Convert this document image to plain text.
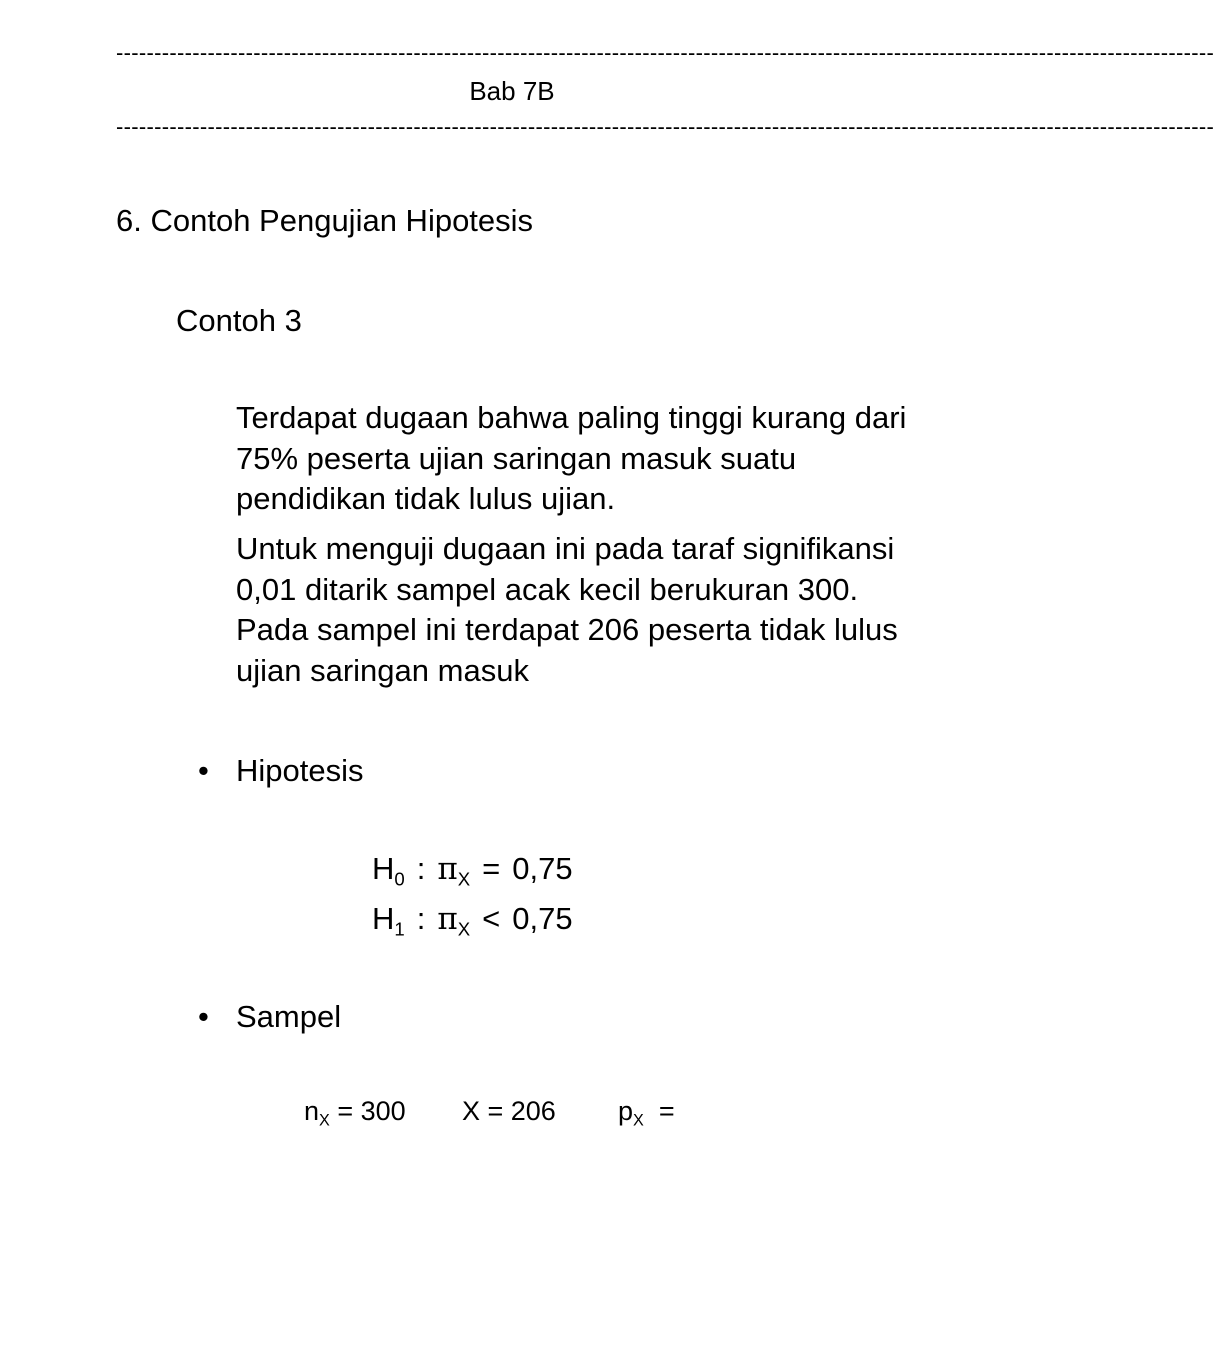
------------------------------------------------------------------------------------------------------------------------------------------------
Bab 7B
------------------------------------------------------------------------------------------------------------------------------------------------
6. Contoh Pengujian Hipotesis
Contoh 3
Terdapat dugaan bahwa paling tinggi kurang dari 75% peserta ujian saringan masuk suatu pendidikan tidak lulus ujian.
Untuk menguji dugaan ini pada taraf signifikansi 0,01 ditarik sampel acak kecil berukuran 300. Pada sampel ini terdapat 206 peserta tidak lulus ujian saringan masuk
• Hipotesis
$H_0$ : $\pi_X = 0,75$
$H_1$ : $\pi_X < 0,75$
• Sampel
$n_X = 300$ X = 206 $p_X$ =
